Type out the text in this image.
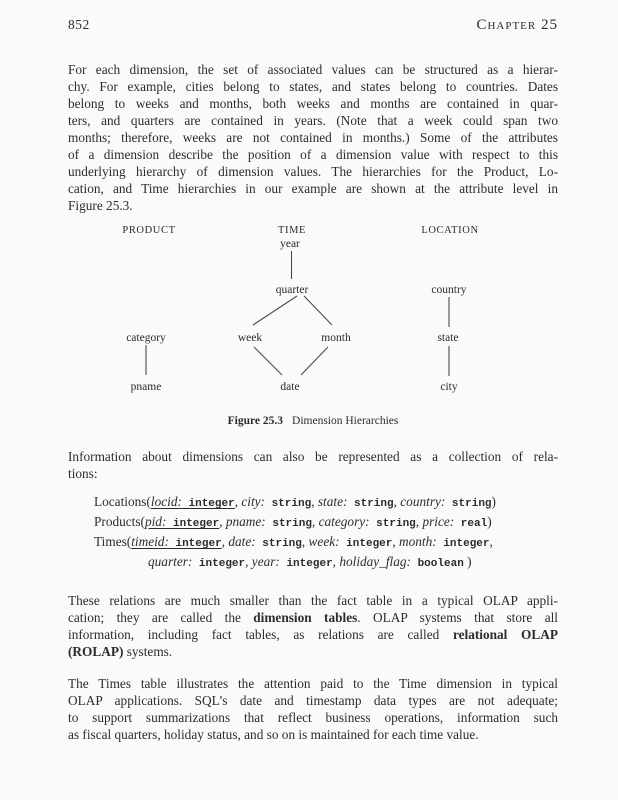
852	Chapter 25
For each dimension, the set of associated values can be structured as a hierar-
chy. For example, cities belong to states, and states belong to countries. Dates
belong to weeks and months, both weeks and months are contained in quar-
ters, and quarters are contained in years. (Note that a week could span two
months; therefore, weeks are not contained in months.) Some of the attributes
of a dimension describe the position of a dimension value with respect to this
underlying hierarchy of dimension values. The hierarchies for the Product, Lo-
cation, and Time hierarchies in our example are shown at the attribute level in
Figure 25.3.
PRODUCT	TIME	LOCATION
year
quarter	country
category	week	month	state
pname	date	city
Figure 25.3 Dimension Hierarchies
Information about dimensions can also be represented as a collection of rela-
tions:
Locations(locid: integer, city: string, state: string, country: string)
Products(pid: integer, pname: string, category: string, price: real)
Times(timeid: integer, date: string, week: integer, month: integer,
quarter: integer, year: integer, holiday_flag: boolean )
These relations are much smaller than the fact table in a typical OLAP appli-
cation; they are called the dimension tables. OLAP systems that store all
information, including fact tables, as relations are called relational OLAP
(ROLAP) systems.
The Times table illustrates the attention paid to the Time dimension in typical
OLAP applications. SQL’s date and timestamp data types are not adequate;
to support summarizations that reflect business operations, information such
as fiscal quarters, holiday status, and so on is maintained for each time value.
